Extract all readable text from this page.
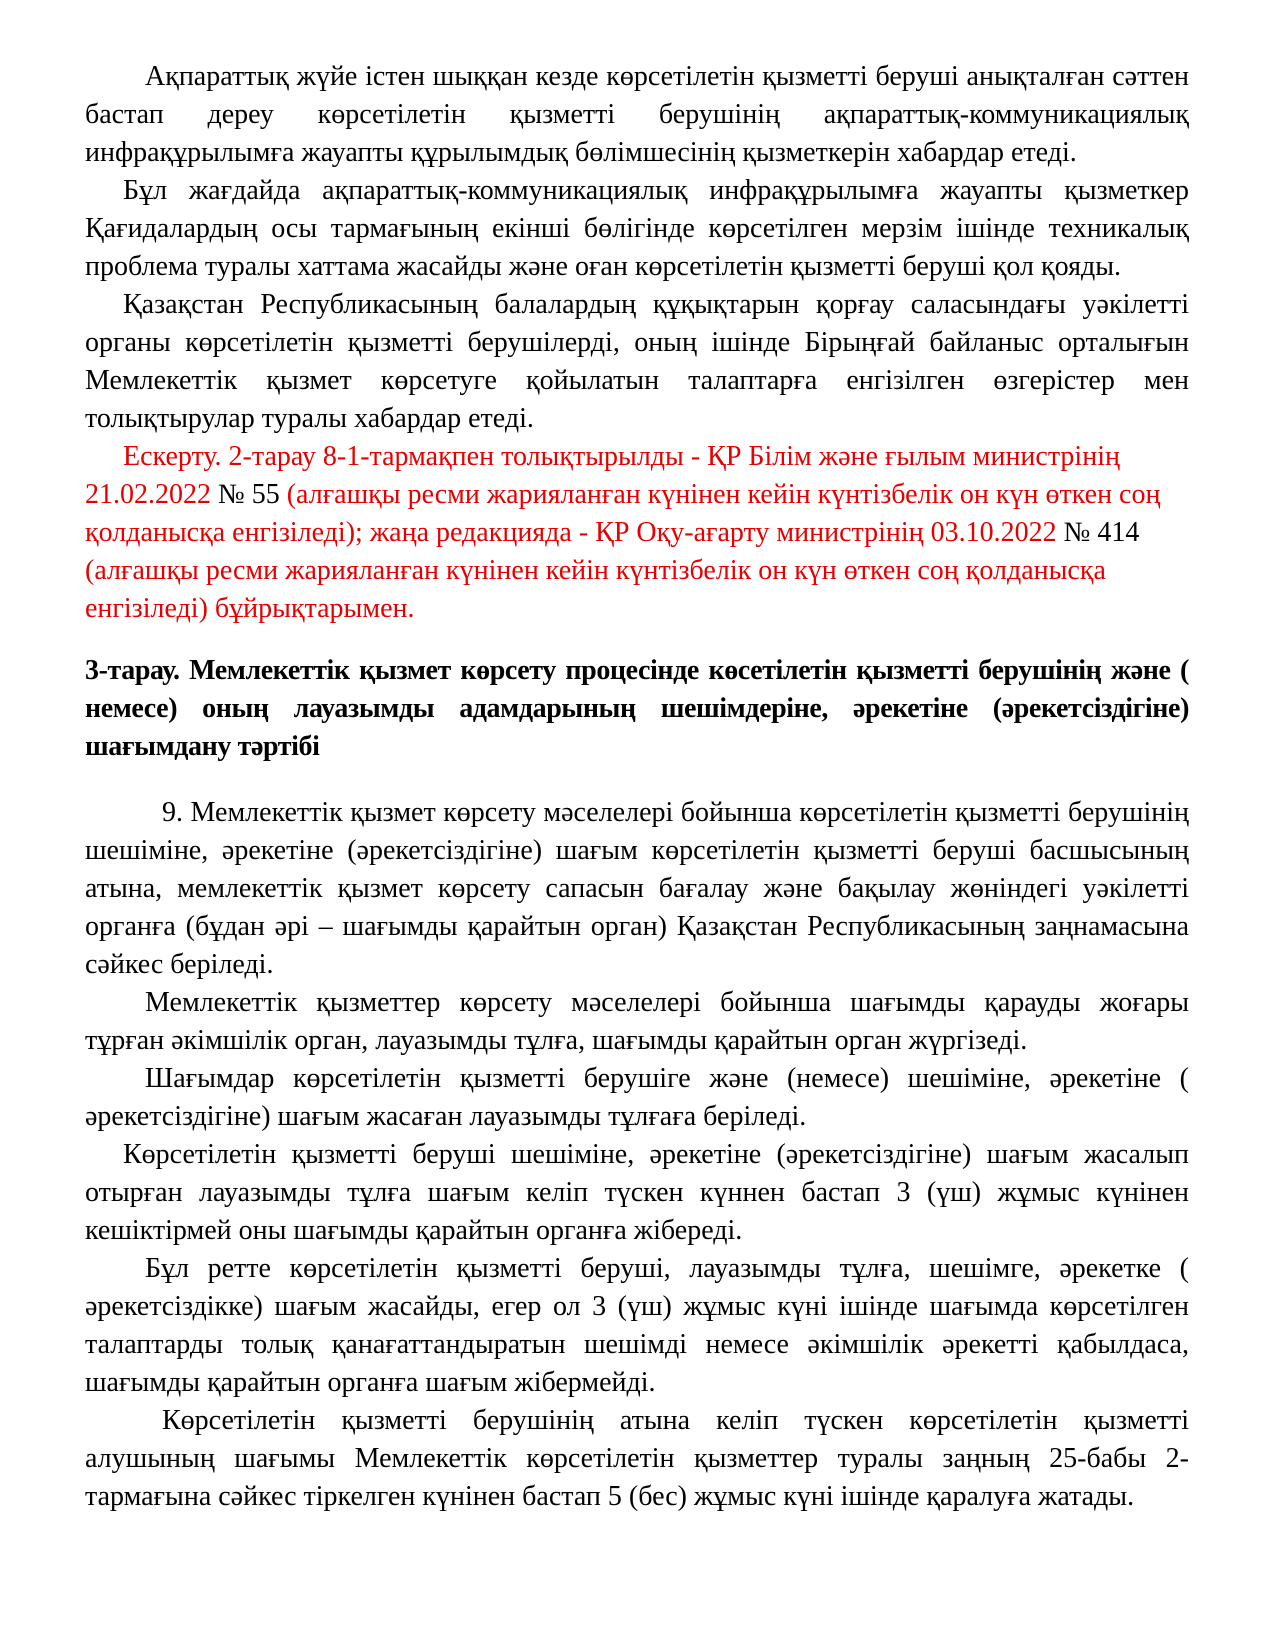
Ақпараттық жүйе істен шыққан кезде көрсетілетін қызметті беруші анықталған сәттен бастап дереу көрсетілетін қызметті берушінің ақпараттық-коммуникациялық инфрақұрылымға жауапты құрылымдық бөлімшесінің қызметкерін хабардар етеді.

Бұл жағдайда ақпараттық-коммуникациялық инфрақұрылымға жауапты қызметкер Қағидалардың осы тармағының екінші бөлігінде көрсетілген мерзім ішінде техникалық проблема туралы хаттама жасайды және оған көрсетілетін қызметті беруші қол қояды.

Қазақстан Республикасының балалардың құқықтарын қорғау саласындағы уәкілетті органы көрсетілетін қызметті берушілерді, оның ішінде Бірыңғай байланыс орталығын Мемлекеттік қызмет көрсетуге қойылатын талаптарға енгізілген өзгерістер мен толықтырулар туралы хабардар етеді.

Ескерту. 2-тарау 8-1-тармақпен толықтырылды - ҚР Білім және ғылым министрінің 21.02.2022 № 55 (алғашқы ресми жарияланған күнінен кейін күнтізбелік он күн өткен соң қолданысқа енгізіледі); жаңа редакцияда - ҚР Оқу-ағарту министрінің 03.10.2022 № 414 (алғашқы ресми жарияланған күнінен кейін күнтізбелік он күн өткен соң қолданысқа енгізіледі) бұйрықтарымен.

3-тарау. Мемлекеттік қызмет көрсету процесінде көсетілетін қызметті берушінің және ( немесе) оның лауазымды адамдарының шешімдеріне, әрекетіне (әрекетсіздігіне) шағымдану тәртібі

9. Мемлекеттік қызмет көрсету мәселелері бойынша көрсетілетін қызметті берушінің шешіміне, әрекетіне (әрекетсіздігіне) шағым көрсетілетін қызметті беруші басшысының атына, мемлекеттік қызмет көрсету сапасын бағалау және бақылау жөніндегі уәкілетті органға (бұдан әрі – шағымды қарайтын орган) Қазақстан Республикасының заңнамасына сәйкес беріледі.

Мемлекеттік қызметтер көрсету мәселелері бойынша шағымды қарауды жоғары тұрған әкімшілік орган, лауазымды тұлға, шағымды қарайтын орган жүргізеді.

Шағымдар көрсетілетін қызметті берушіге және (немесе) шешіміне, әрекетіне ( әрекетсіздігіне) шағым жасаған лауазымды тұлғаға беріледі.

Көрсетілетін қызметті беруші шешіміне, әрекетіне (әрекетсіздігіне) шағым жасалып отырған лауазымды тұлға шағым келіп түскен күннен бастап 3 (үш) жұмыс күнінен кешіктірмей оны шағымды қарайтын органға жібереді.

Бұл ретте көрсетілетін қызметті беруші, лауазымды тұлға, шешімге, әрекетке ( әрекетсіздікке) шағым жасайды, егер ол 3 (үш) жұмыс күні ішінде шағымда көрсетілген талаптарды толық қанағаттандыратын шешімді немесе әкімшілік әрекетті қабылдаса, шағымды қарайтын органға шағым жібермейді.

Көрсетілетін қызметті берушінің атына келіп түскен көрсетілетін қызметті алушының шағымы Мемлекеттік көрсетілетін қызметтер туралы заңның 25-бабы 2-тармағына сәйкес тіркелген күнінен бастап 5 (бес) жұмыс күні ішінде қаралуға жатады.
